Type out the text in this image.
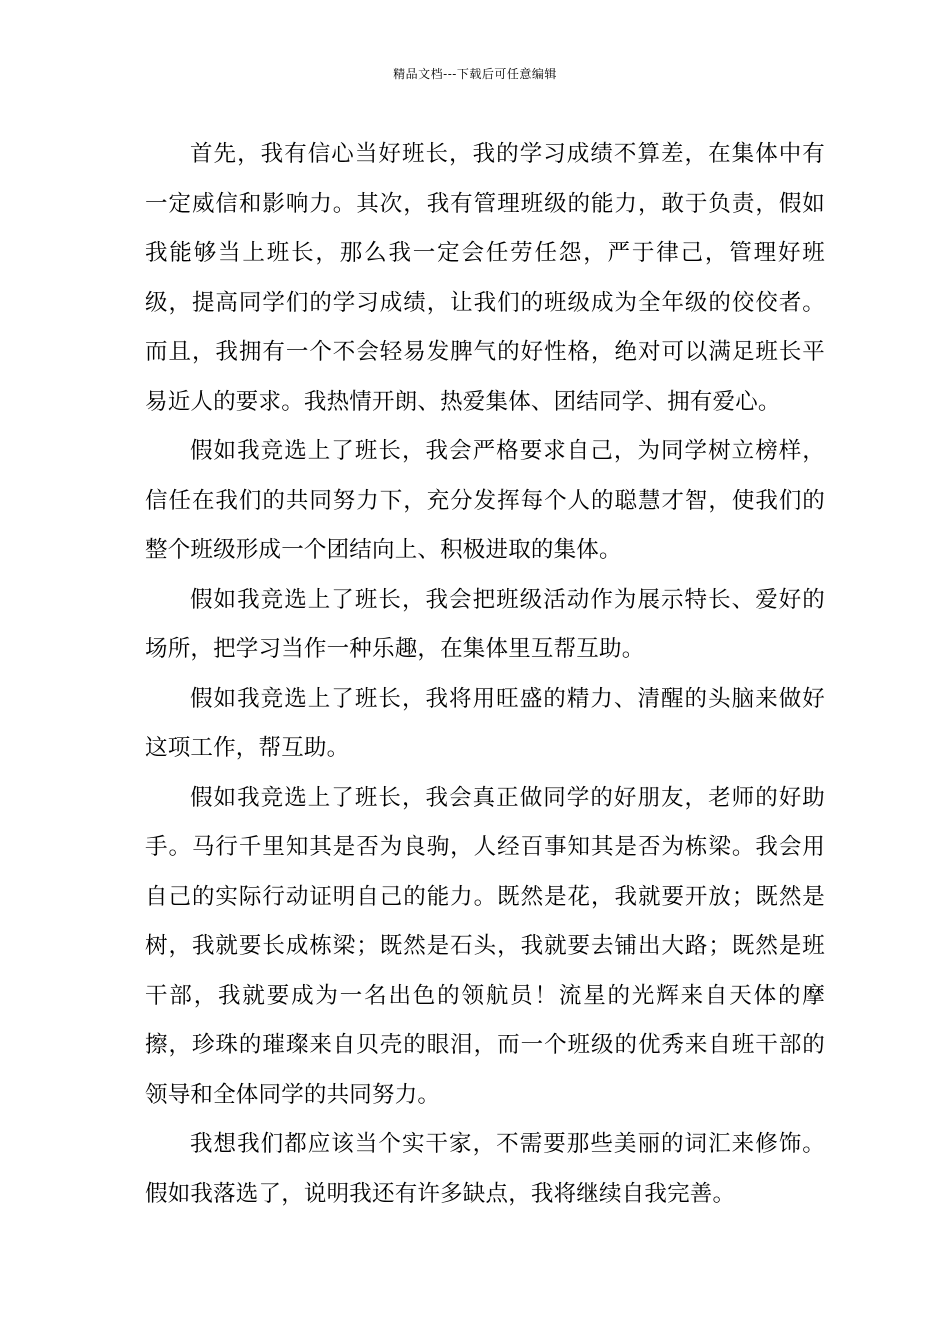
精品文档---下载后可任意编辑

首先，我有信心当好班长，我的学习成绩不算差，在集体中有一定威信和影响力。其次，我有管理班级的能力，敢于负责，假如我能够当上班长，那么我一定会任劳任怨，严于律己，管理好班级，提高同学们的学习成绩，让我们的班级成为全年级的佼佼者。而且，我拥有一个不会轻易发脾气的好性格，绝对可以满足班长平易近人的要求。我热情开朗、热爱集体、团结同学、拥有爱心。

假如我竞选上了班长，我会严格要求自己，为同学树立榜样，信任在我们的共同努力下，充分发挥每个人的聪慧才智，使我们的整个班级形成一个团结向上、积极进取的集体。

假如我竞选上了班长，我会把班级活动作为展示特长、爱好的场所，把学习当作一种乐趣，在集体里互帮互助。

假如我竞选上了班长，我将用旺盛的精力、清醒的头脑来做好这项工作，帮互助。

假如我竞选上了班长，我会真正做同学的好朋友，老师的好助手。马行千里知其是否为良驹，人经百事知其是否为栋梁。我会用自己的实际行动证明自己的能力。既然是花，我就要开放；既然是树，我就要长成栋梁；既然是石头，我就要去铺出大路；既然是班干部，我就要成为一名出色的领航员！流星的光辉来自天体的摩擦，珍珠的璀璨来自贝壳的眼泪，而一个班级的优秀来自班干部的领导和全体同学的共同努力。

我想我们都应该当个实干家，不需要那些美丽的词汇来修饰。假如我落选了，说明我还有许多缺点，我将继续自我完善。
